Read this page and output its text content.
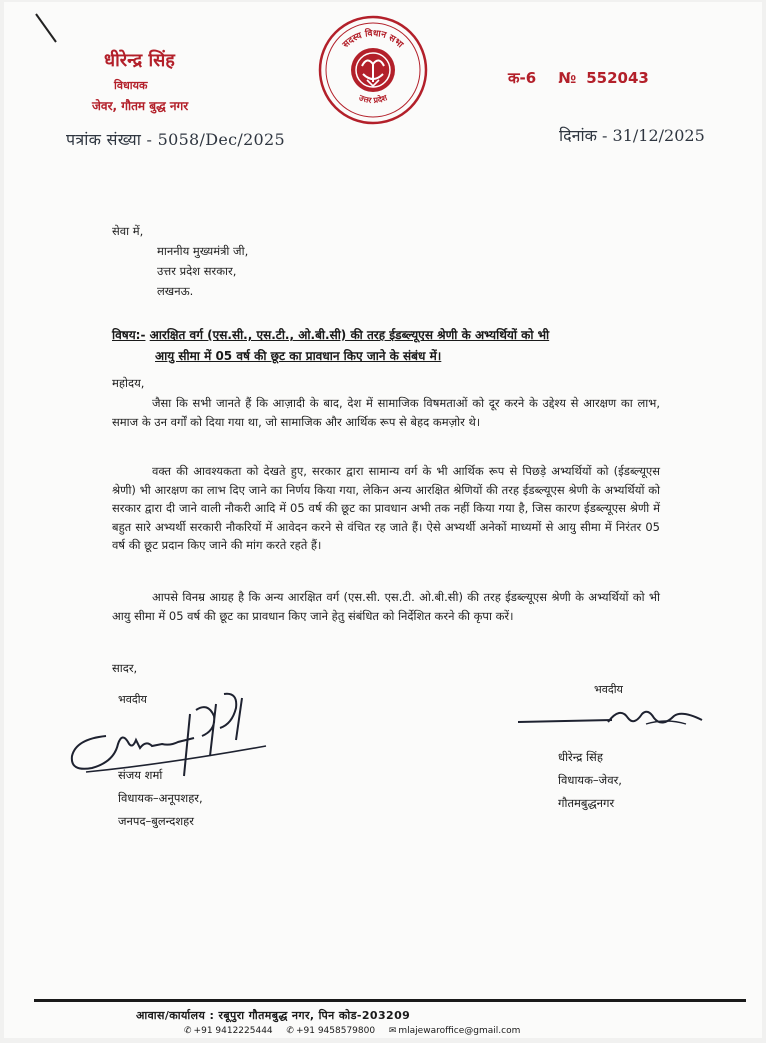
धीरेन्द्र सिंह
विधायक
जेवर, गौतम बुद्ध नगर
पत्रांक संख्या - 5058/Dec/2025
सदस्य विधान सभा
उत्तर प्रदेश
क-6 № 552043
दिनांक - 31/12/2025
सेवा में,
माननीय मुख्यमंत्री जी,
उत्तर प्रदेश सरकार,
लखनऊ.
विषय:- आरक्षित वर्ग (एस.सी., एस.टी., ओ.बी.सी) की तरह ईडब्ल्यूएस श्रेणी के अभ्यर्थियों को भी
आयु सीमा में 05 वर्ष की छूट का प्रावधान किए जाने के संबंध में।
महोदय,
जैसा कि सभी जानते हैं कि आज़ादी के बाद, देश में सामाजिक विषमताओं को दूर करने के उद्देश्य से आरक्षण का लाभ, समाज के उन वर्गों को दिया गया था, जो सामाजिक और आर्थिक रूप से बेहद कमज़ोर थे।
वक्त की आवश्यकता को देखते हुए, सरकार द्वारा सामान्य वर्ग के भी आर्थिक रूप से पिछड़े अभ्यर्थियों को (ईडब्ल्यूएस श्रेणी) भी आरक्षण का लाभ दिए जाने का निर्णय किया गया, लेकिन अन्य आरक्षित श्रेणियों की तरह ईडब्ल्यूएस श्रेणी के अभ्यर्थियों को सरकार द्वारा दी जाने वाली नौकरी आदि में 05 वर्ष की छूट का प्रावधान अभी तक नहीं किया गया है, जिस कारण ईडब्ल्यूएस श्रेणी में बहुत सारे अभ्यर्थी सरकारी नौकरियों में आवेदन करने से वंचित रह जाते हैं। ऐसे अभ्यर्थी अनेकों माध्यमों से आयु सीमा में निरंतर 05 वर्ष की छूट प्रदान किए जाने की मांग करते रहते हैं।
आपसे विनम्र आग्रह है कि अन्य आरक्षित वर्ग (एस.सी. एस.टी. ओ.बी.सी) की तरह ईडब्ल्यूएस श्रेणी के अभ्यर्थियों को भी आयु सीमा में 05 वर्ष की छूट का प्रावधान किए जाने हेतु संबंधित को निर्देशित करने की कृपा करें।
सादर,
भवदीय
भवदीय
संजय शर्मा
विधायक–अनूपशहर,
जनपद–बुलन्दशहर
धीरेन्द्र सिंह
विधायक–जेवर,
गौतमबुद्धनगर
आवास/कार्यालय : रबूपुरा गौतमबुद्ध नगर, पिन कोड-203209
✆ +91 9412225444 ✆ +91 9458579800 ✉ mlajewaroffice@gmail.com
